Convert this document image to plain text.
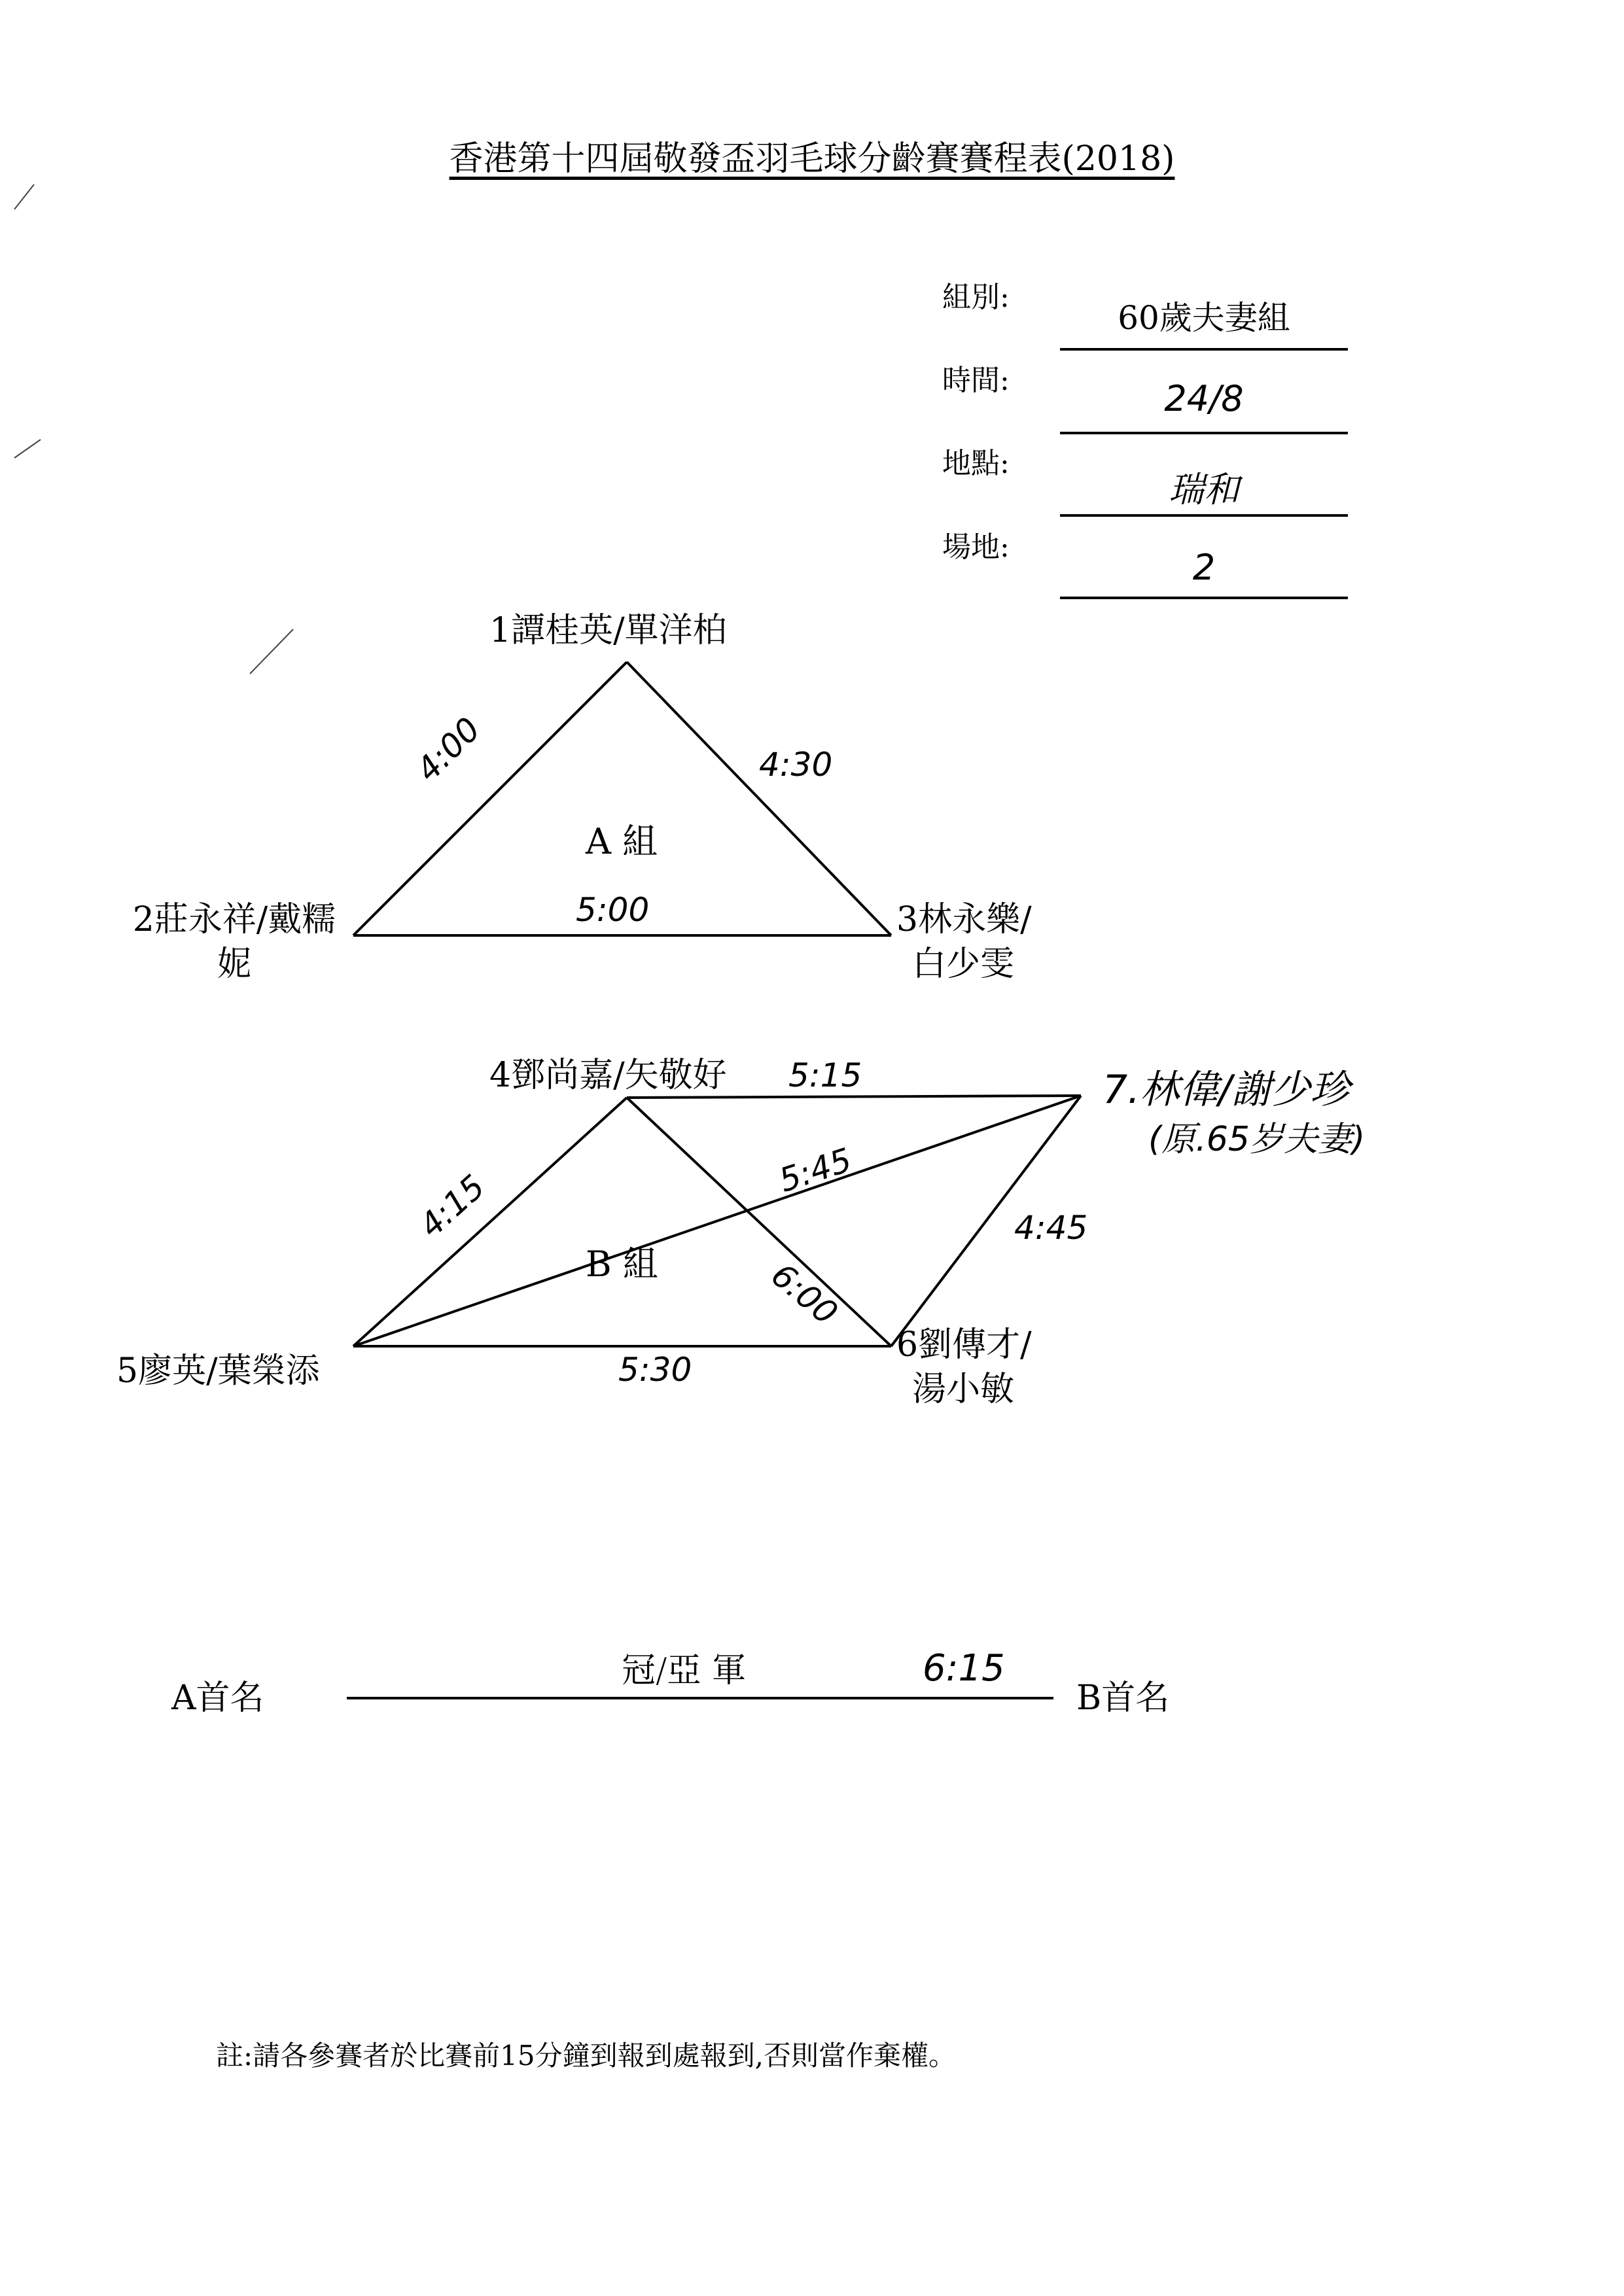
香港第十四屆敬發盃羽毛球分齡賽賽程表(2018)
組別:
60歲夫妻組
時間:	24/8
地點:
瑞和
場地:	2
1譚桂英/單洋柏
2莊永祥/戴糯
妮
3林永樂/
白少雯
A 組
4:00	4:30
5:00
4鄧尚嘉/矢敬好
5廖英/葉榮添
6劉傳才/
湯小敏
7.林偉/謝少珍
(原.65岁夫妻)
B 組
5:15
5:45
4:15
6:00
4:45
5:30
A首名	B首名
冠/亞 軍	6:15
註:請各參賽者於比賽前15分鐘到報到處報到,否則當作棄權。
